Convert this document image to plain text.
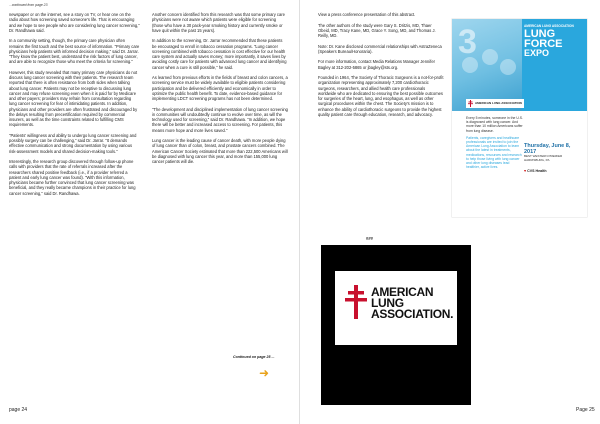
...continued from page 23

newspaper or on the internet, see a story on TV, or hear one on the radio about how screening saved someone's life. That is encouraging and we hope to see people who are considering lung cancer screening," Dr. Randhawa said.

In a community setting, though, the primary care physician often remains the first touch and the best source of information. "Primary care physicians help patients with informed decision making," said Dr. Jarrar. "They know the patient best, understand the risk factors of lung cancer, and are able to recognize those who meet the criteria for screening."

However, this study revealed that many primary care physicians do not discuss lung cancer screening with their patients. The research team reported that there is often resistance from both sides when talking about lung cancer. Patients may not be receptive to discussing lung cancer and may refuse screening even when it is paid for by Medicare and other payers; providers may refrain from consultation regarding lung cancer screening for fear of intimidating patients. In addition, physicians and other providers are often frustrated and discouraged by the delays resulting from precertification required by commercial insurers, as well as the time constraints related to fulfilling CMS requirements.

"Patients' willingness and ability to undergo lung cancer screening and possibly surgery can be challenging," said Dr. Jarrar. "It demands effective communication and strong documentation by using various risk-assessment models and shared decision-making tools."

Interestingly, the research group discovered through follow-up phone calls with providers that the rate of referrals increased after the researchers shared positive feedback (i.e., if a provider referred a patient and early lung cancer was found). "With this information, physicians became further convinced that lung cancer screening was beneficial, and they really became champions in their practice for lung cancer screening," said Dr. Randhawa.

Another concern identified from this research was that some primary care physicians were not aware which patients were eligible for screening (those who have a 30 pack-year smoking history and currently smoke or have quit within the past 15 years).

In addition to the screening, Dr. Jarrar recommended that these patients be encouraged to enroll in tobacco cessation programs. "Lung cancer screening combined with tobacco cessation is cost effective for our health care system and actually saves money; more importantly, it saves lives by avoiding costly care for patients with advanced lung cancer and identifying cancer when a cure is still possible," he said.

As learned from previous efforts in the fields of breast and colon cancers, a screening service must be widely available to eligible patients considering participation and be delivered efficiently and economically in order to optimize the public health benefit. To date, evidence-based guidance for implementing LDCT screening programs has not been determined.

"The development and disciplined implementation of lung cancer screening in communities will undoubtedly continue to evolve over time, as will the technology used for screening," said Dr. Randhawa. "In addition, we hope there will be better and increased access to screening. For patients, this means more hope and more lives saved."

Lung cancer is the leading cause of cancer death, with more people dying of lung cancer than of colon, breast, and prostate cancers combined. The American Cancer Society estimated that more than 222,500 Americans will be diagnosed with lung cancer this year, and more than 155,000 lung cancer patients will die.

Continued on page 25 ...
➜
page 24	Page 25

View a press conference presentation of this abstract.

The other authors of the study were Gary S. Dritzis, MD, Thaer Obeid, MD, Tracy Kane, MD, Grace Y. Song, MD, and Thomas J. Reilly, MD.

Note: Dr. Kane disclosed commercial relationships with AstraZeneca (Speakers Bureau/Honoraria).

For more information, contact Media Relations Manager Jennifer Bagley at 312-202-5865 or jbagley@sts.org.

Founded in 1964, The Society of Thoracic Surgeons is a not-for-profit organization representing approximately 7,200 cardiothoracic surgeons, researchers, and allied health care professionals worldwide who are dedicated to ensuring the best possible outcomes for surgeries of the heart, lung, and esophagus, as well as other surgical procedures within the chest. The Society's mission is to enhance the ability of cardiothoracic surgeons to provide the highest quality patient care through education, research, and advocacy.

###
3	AMERICAN LUNG ASSOCIATION
LUNG
FORCE
EXPO
AMERICAN LUNG ASSOCIATION
Every 5 minutes, someone in the U.S. is diagnosed with lung cancer. And more than 10 million Americans suffer from lung disease.
Patients, caregivers and healthcare professionals are invited to join the American Lung Association to learn about the latest in treatments, medications, resources and research to help those living with lung cancer and other lung diseases lead healthier, active lives.
Thursday, June 8, 2017
BEST WESTERN PREMIER HARRISBURG, PA
♥ CVS Health
AMERICAN
LUNG
ASSOCIATION.
